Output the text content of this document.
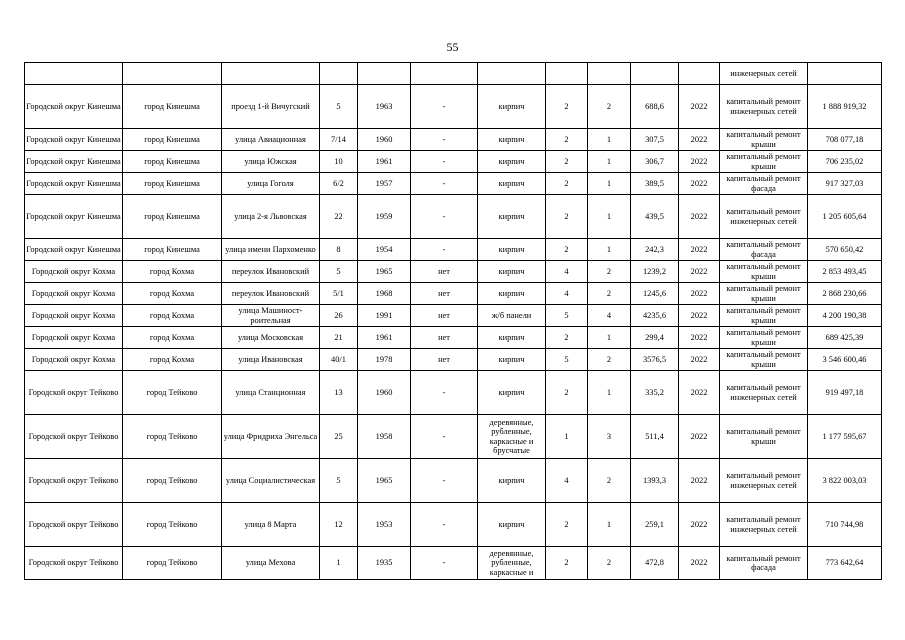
55
											инженерных сетей	
Городской округ Кинешма	город Кинешма	проезд 1-й Вичугский	5	1963	-	кирпич	2	2	688,6	2022	капитальный ремонт инженерных сетей	1 888 919,32
Городской округ Кинешма	город Кинешма	улица Авиационная	7/14	1960	-	кирпич	2	1	307,5	2022	капитальный ремонт крыши	708 077,18
Городской округ Кинешма	город Кинешма	улица Южская	10	1961	-	кирпич	2	1	306,7	2022	капитальный ремонт крыши	706 235,02
Городской округ Кинешма	город Кинешма	улица Гоголя	6/2	1957	-	кирпич	2	1	389,5	2022	капитальный ремонт фасада	917 327,03
Городской округ Кинешма	город Кинешма	улица 2-я Львовская	22	1959	-	кирпич	2	1	439,5	2022	капитальный ремонт инженерных сетей	1 205 605,64
Городской округ Кинешма	город Кинешма	улица имени Пархоменко	8	1954	-	кирпич	2	1	242,3	2022	капитальный ремонт фасада	570 650,42
Городской округ Кохма	город Кохма	переулок Ивановский	5	1965	нет	кирпич	4	2	1239,2	2022	капитальный ремонт крыши	2 853 493,45
Городской округ Кохма	город Кохма	переулок Ивановский	5/1	1968	нет	кирпич	4	2	1245,6	2022	капитальный ремонт крыши	2 868 230,66
Городской округ Кохма	город Кохма	улица Машиност-роительная	26	1991	нет	ж/б панели	5	4	4235,6	2022	капитальный ремонт крыши	4 200 190,38
Городской округ Кохма	город Кохма	улица Московская	21	1961	нет	кирпич	2	1	299,4	2022	капитальный ремонт крыши	689 425,39
Городской округ Кохма	город Кохма	улица Ивановская	40/1	1978	нет	кирпич	5	2	3576,5	2022	капитальный ремонт крыши	3 546 600,46
Городской округ Тейково	город Тейково	улица Станционная	13	1960	-	кирпич	2	1	335,2	2022	капитальный ремонт инженерных сетей	919 497,18
Городской округ Тейково	город Тейково	улица Фридриха Энгельса	25	1958	-	деревянные, рубленные, каркасные и брусчатые	1	3	511,4	2022	капитальный ремонт крыши	1 177 595,67
Городской округ Тейково	город Тейково	улица Социалистическая	5	1965	-	кирпич	4	2	1393,3	2022	капитальный ремонт инженерных сетей	3 822 003,03
Городской округ Тейково	город Тейково	улица 8 Марта	12	1953	-	кирпич	2	1	259,1	2022	капитальный ремонт инженерных сетей	710 744,98
Городской округ Тейково	город Тейково	улица Мехова	1	1935	-	деревянные, рубленные, каркасные и	2	2	472,8	2022	капитальный ремонт фасада	773 642,64
